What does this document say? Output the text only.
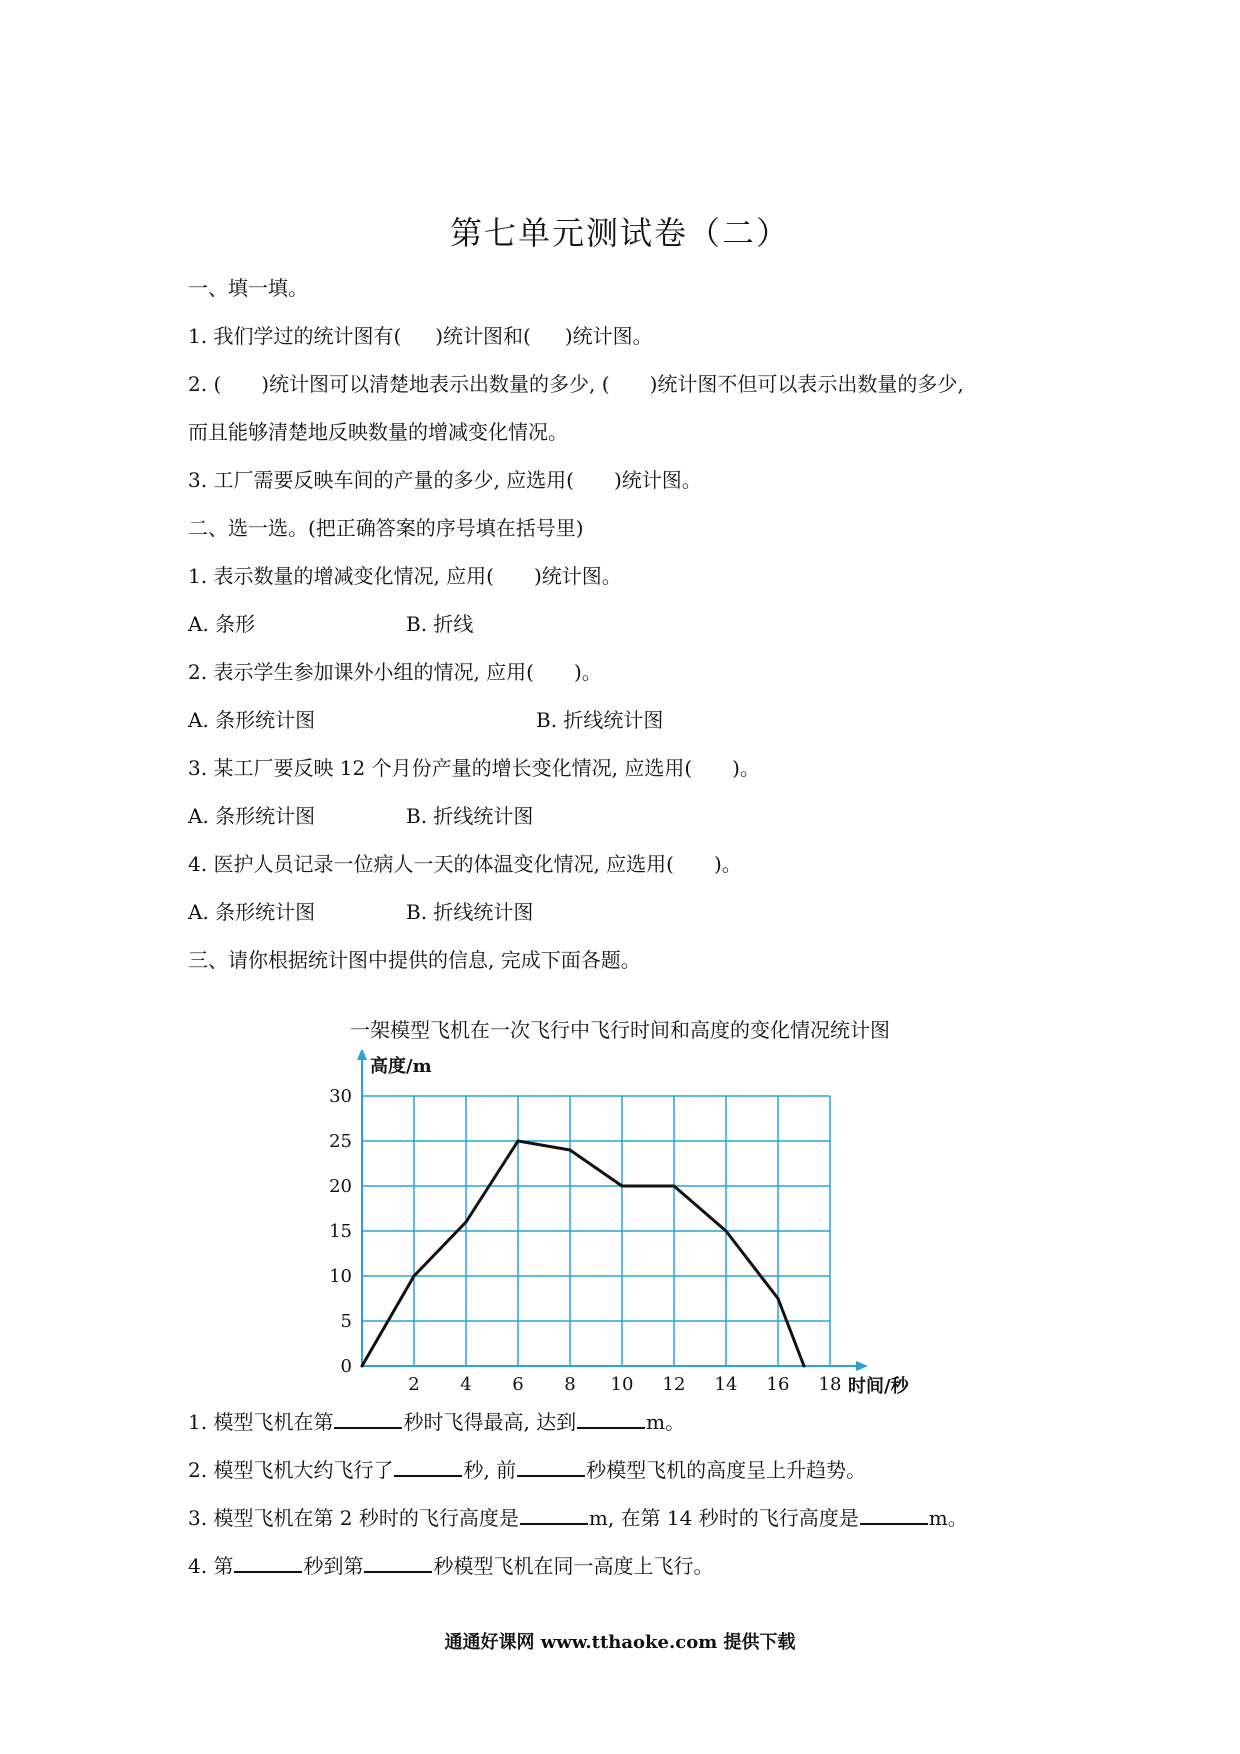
第七单元测试卷（二）
一、填一填。
1. 我们学过的统计图有( )统计图和( )统计图。
2. ( )统计图可以清楚地表示出数量的多少, ( )统计图不但可以表示出数量的多少,
而且能够清楚地反映数量的增减变化情况。
3. 工厂需要反映车间的产量的多少, 应选用( )统计图。
二、选一选。(把正确答案的序号填在括号里)
1. 表示数量的增减变化情况, 应用( )统计图。
A. 条形	B. 折线
2. 表示学生参加课外小组的情况, 应用( )。
A. 条形统计图	B. 折线统计图
3. 某工厂要反映 12 个月份产量的增长变化情况, 应选用( )。
A. 条形统计图	B. 折线统计图
4. 医护人员记录一位病人一天的体温变化情况, 应选用( )。
A. 条形统计图	B. 折线统计图
三、请你根据统计图中提供的信息, 完成下面各题。
一架模型飞机在一次飞行中飞行时间和高度的变化情况统计图
0
5
10
15
20
25
30
2 4 6 8 10 12 14 16 18
高度/m
时间/秒
1. 模型飞机在第	秒时飞得最高, 达到	m。
2. 模型飞机大约飞行了	秒, 前	秒模型飞机的高度呈上升趋势。
3. 模型飞机在第 2 秒时的飞行高度是	m, 在第 14 秒时的飞行高度是	m。
4. 第	秒到第	秒模型飞机在同一高度上飞行。
通通好课网 www.tthaoke.com 提供下载
